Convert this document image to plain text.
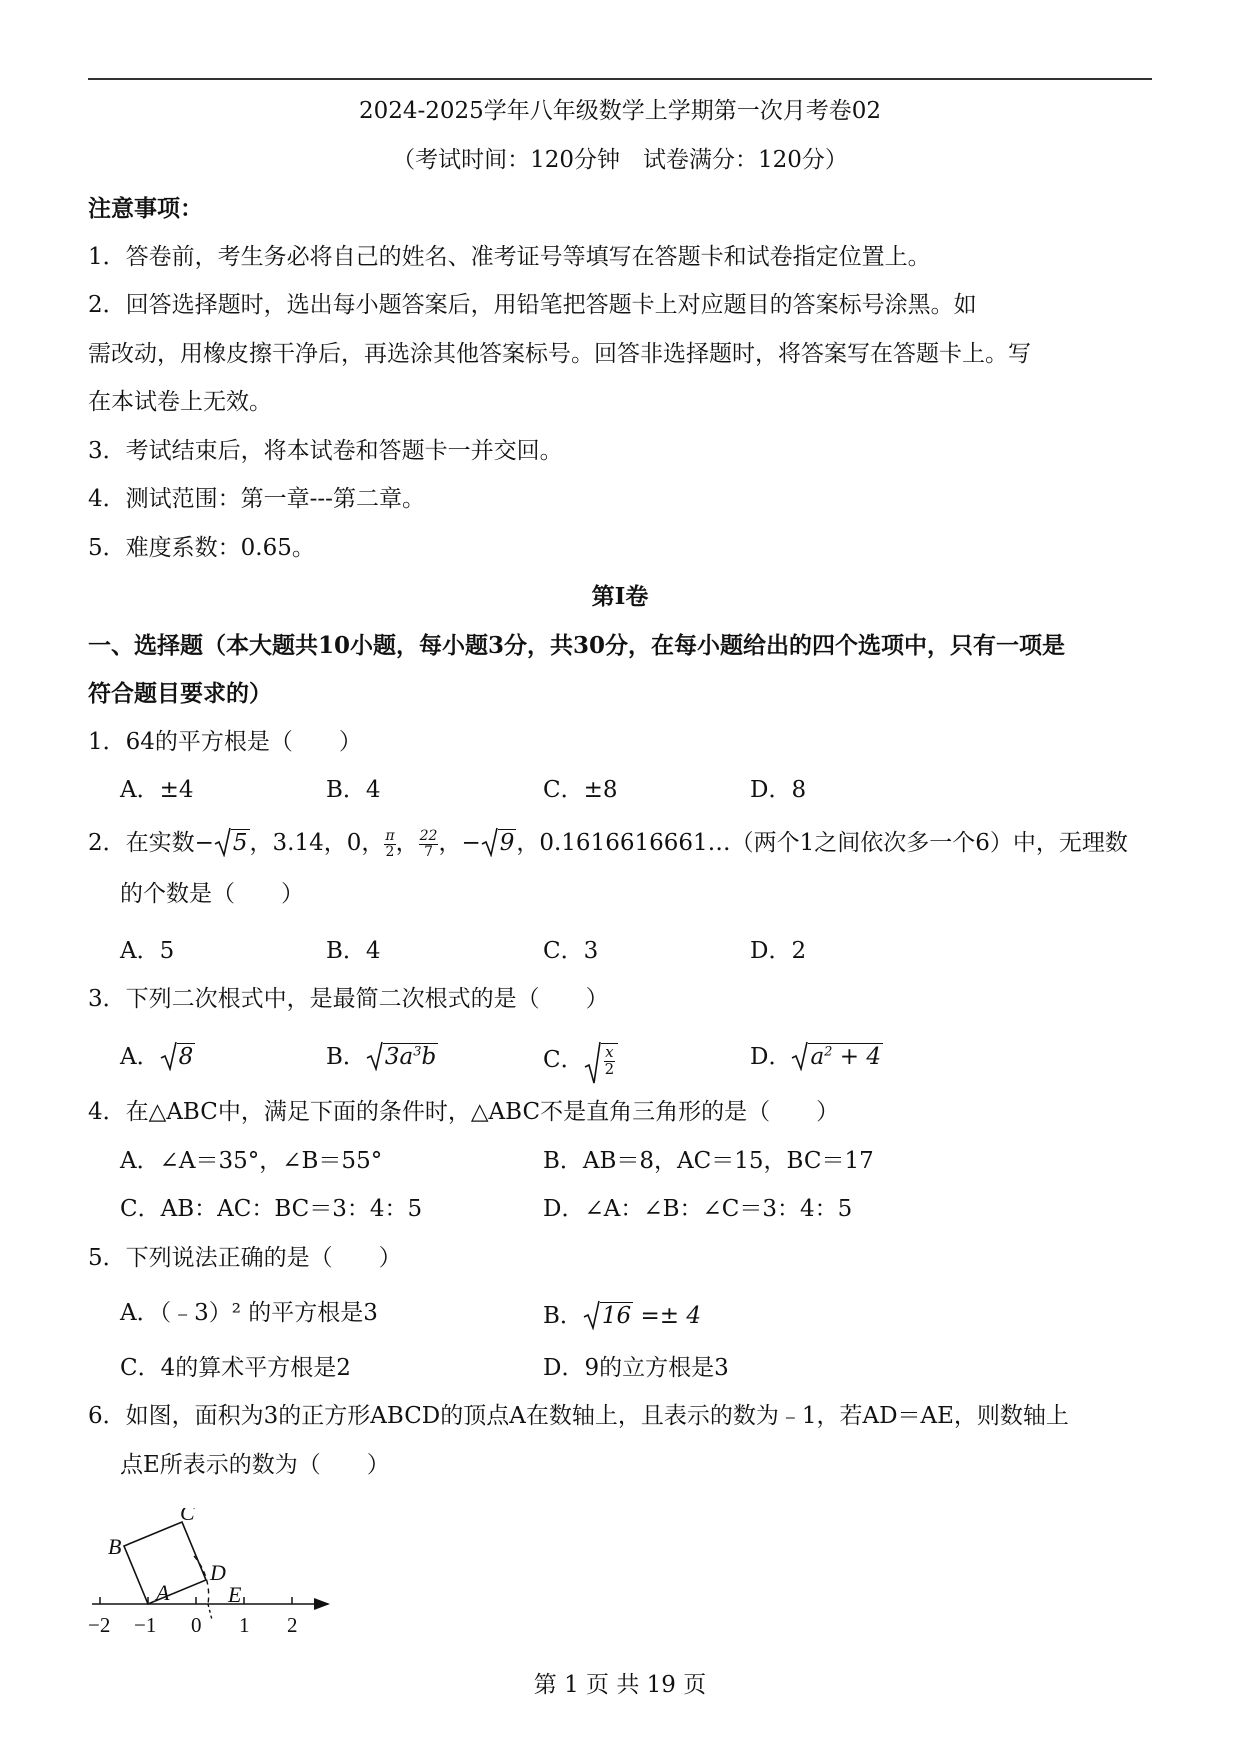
2024-2025学年八年级数学上学期第一次月考卷02
（考试时间：120分钟　试卷满分：120分）
注意事项：
1．答卷前，考生务必将自己的姓名、准考证号等填写在答题卡和试卷指定位置上。
2．回答选择题时，选出每小题答案后，用铅笔把答题卡上对应题目的答案标号涂黑。如
需改动，用橡皮擦干净后，再选涂其他答案标号。回答非选择题时，将答案写在答题卡上。写
在本试卷上无效。
3．考试结束后，将本试卷和答题卡一并交回。
4．测试范围：第一章---第二章。
5．难度系数：0.65。
第Ⅰ卷
一、选择题（本大题共10小题，每小题3分，共30分，在每小题给出的四个选项中，只有一项是
符合题目要求的）
1．64的平方根是（　　）
A．±4	B．4	C．±8	D．8
2．在实数− 5，3.14，0， $\frac{\pi}{2}$ ， $\frac{22}{7}$ ，− 9，0.1616616661…（两个1之间依次多一个6）中，无理数
的个数是（　　）
A．5	B．4	C．3	D．2
3．下列二次根式中，是最简二次根式的是（　　）
A． 8	B． $3a^3b$	C． $\frac{x}{2}$	D． $a^2 + 4$
4．在△ABC中，满足下面的条件时，△ABC不是直角三角形的是（　　）
A．∠A＝35°，∠B＝55°	B．AB＝8，AC＝15，BC＝17
C．AB：AC：BC＝3：4：5	D．∠A：∠B：∠C＝3：4：5
5．下列说法正确的是（　　）
A．（﹣3）² 的平方根是3	B． 16 =± 4
C．4的算术平方根是2	D．9的立方根是3
6．如图，面积为3的正方形ABCD的顶点A在数轴上，且表示的数为﹣1，若AD＝AE，则数轴上
点E所表示的数为（　　）
B
C
D
A	E
−2 −1 0 1 2
第 1 页 共 19 页
